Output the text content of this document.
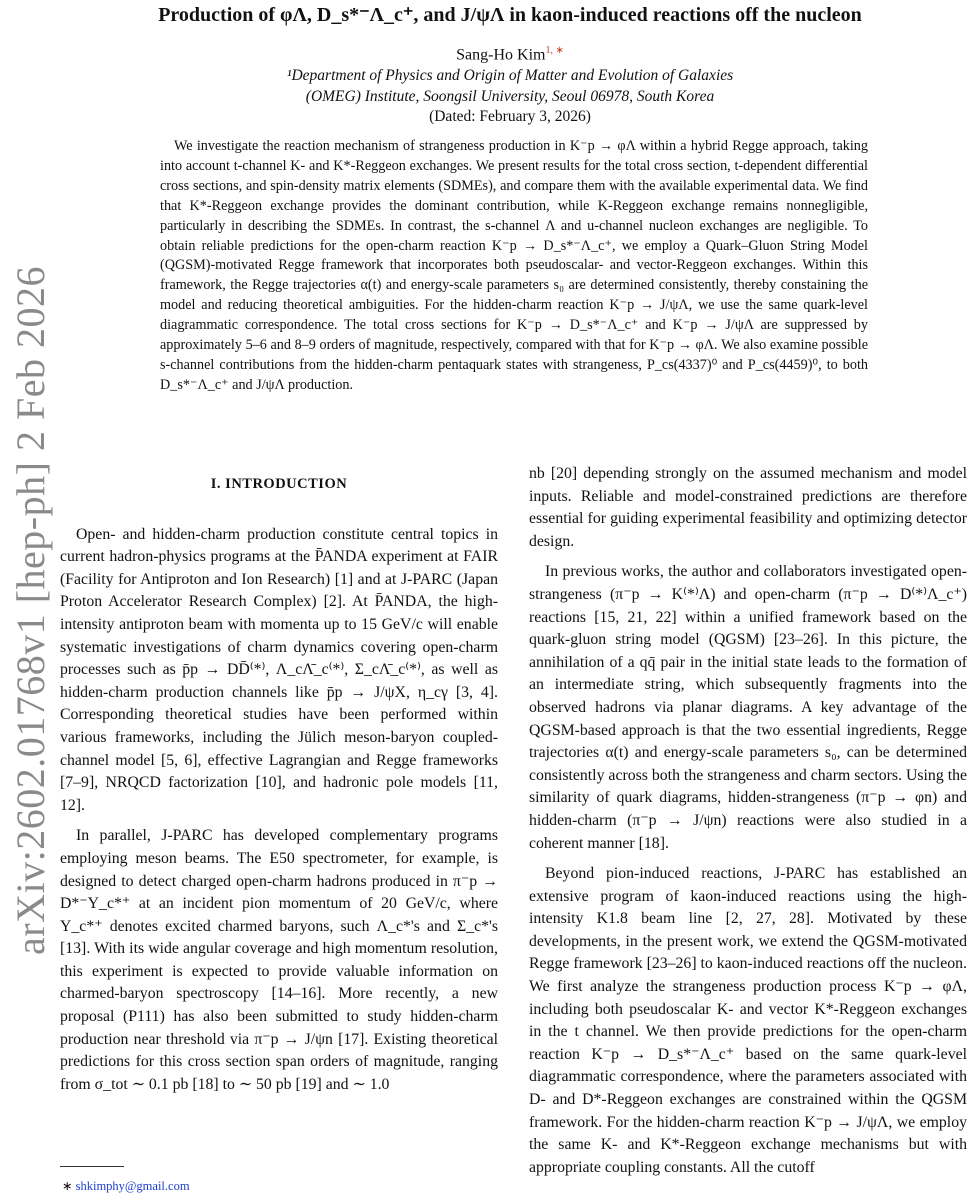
arXiv:2602.01768v1 [hep-ph] 2 Feb 2026
Production of φΛ, D_s*⁻Λ_c⁺, and J/ψΛ in kaon-induced reactions off the nucleon
Sang-Ho Kim$^{1, ∗}$
¹Department of Physics and Origin of Matter and Evolution of Galaxies
(OMEG) Institute, Soongsil University, Seoul 06978, South Korea
(Dated: February 3, 2026)

We investigate the reaction mechanism of strangeness production in K⁻p → φΛ within a hybrid Regge approach, taking into account t-channel K- and K*-Reggeon exchanges. We present results for the total cross section, t-dependent differential cross sections, and spin-density matrix elements (SDMEs), and compare them with the available experimental data. We find that K*-Reggeon exchange provides the dominant contribution, while K-Reggeon exchange remains nonnegligible, particularly in describing the SDMEs. In contrast, the s-channel Λ and u-channel nucleon exchanges are negligible. To obtain reliable predictions for the open-charm reaction K⁻p → D_s*⁻Λ_c⁺, we employ a Quark–Gluon String Model (QGSM)-motivated Regge framework that incorporates both pseudoscalar- and vector-Reggeon exchanges. Within this framework, the Regge trajectories α(t) and energy-scale parameters s₀ are determined consistently, thereby constaining the model and reducing theoretical ambiguities. For the hidden-charm reaction K⁻p → J/ψΛ, we use the same quark-level diagrammatic correspondence. The total cross sections for K⁻p → D_s*⁻Λ_c⁺ and K⁻p → J/ψΛ are suppressed by approximately 5–6 and 8–9 orders of magnitude, respectively, compared with that for K⁻p → φΛ. We also examine possible s-channel contributions from the hidden-charm pentaquark states with strangeness, P_cs(4337)⁰ and P_cs(4459)⁰, to both D_s*⁻Λ_c⁺ and J/ψΛ production.

I. INTRODUCTION

Open- and hidden-charm production constitute central topics in current hadron-physics programs at the P̄ANDA experiment at FAIR (Facility for Antiproton and Ion Research) [1] and at J-PARC (Japan Proton Accelerator Research Complex) [2]. At P̄ANDA, the high-intensity antiproton beam with momenta up to 15 GeV/c will enable systematic investigations of charm dynamics covering open-charm processes such as p̄p → DD̄⁽*⁾, Λ_cΛ̄_c⁽*⁾, Σ_cΛ̄_c⁽*⁾, as well as hidden-charm production channels like p̄p → J/ψX, η_cγ [3, 4]. Corresponding theoretical studies have been performed within various frameworks, including the Jülich meson-baryon coupled-channel model [5, 6], effective Lagrangian and Regge frameworks [7–9], NRQCD factorization [10], and hadronic pole models [11, 12].

In parallel, J-PARC has developed complementary programs employing meson beams. The E50 spectrometer, for example, is designed to detect charged open-charm hadrons produced in π⁻p → D*⁻Y_c*⁺ at an incident pion momentum of 20 GeV/c, where Y_c*⁺ denotes excited charmed baryons, such Λ_c*'s and Σ_c*'s [13]. With its wide angular coverage and high momentum resolution, this experiment is expected to provide valuable information on charmed-baryon spectroscopy [14–16]. More recently, a new proposal (P111) has also been submitted to study hidden-charm production near threshold via π⁻p → J/ψn [17]. Existing theoretical predictions for this cross section span orders of magnitude, ranging from σ_tot ∼ 0.1 pb [18] to ∼ 50 pb [19] and ∼ 1.0

nb [20] depending strongly on the assumed mechanism and model inputs. Reliable and model-constrained predictions are therefore essential for guiding experimental feasibility and optimizing detector design.

In previous works, the author and collaborators investigated open-strangeness (π⁻p → K⁽*⁾Λ) and open-charm (π⁻p → D⁽*⁾Λ_c⁺) reactions [15, 21, 22] within a unified framework based on the quark-gluon string model (QGSM) [23–26]. In this picture, the annihilation of a qq̄ pair in the initial state leads to the formation of an intermediate string, which subsequently fragments into the observed hadrons via planar diagrams. A key advantage of the QGSM-based approach is that the two essential ingredients, Regge trajectories α(t) and energy-scale parameters s₀, can be determined consistently across both the strangeness and charm sectors. Using the similarity of quark diagrams, hidden-strangeness (π⁻p → φn) and hidden-charm (π⁻p → J/ψn) reactions were also studied in a coherent manner [18].

Beyond pion-induced reactions, J-PARC has established an extensive program of kaon-induced reactions using the high-intensity K1.8 beam line [2, 27, 28]. Motivated by these developments, in the present work, we extend the QGSM-motivated Regge framework [23–26] to kaon-induced reactions off the nucleon. We first analyze the strangeness production process K⁻p → φΛ, including both pseudoscalar K- and vector K*-Reggeon exchanges in the t channel. We then provide predictions for the open-charm reaction K⁻p → D_s*⁻Λ_c⁺ based on the same quark-level diagrammatic correspondence, where the parameters associated with D- and D*-Reggeon exchanges are constrained within the QGSM framework. For the hidden-charm reaction K⁻p → J/ψΛ, we employ the same K- and K*-Reggeon exchange mechanisms but with appropriate coupling constants. All the cutoff

∗ shkimphy@gmail.com
